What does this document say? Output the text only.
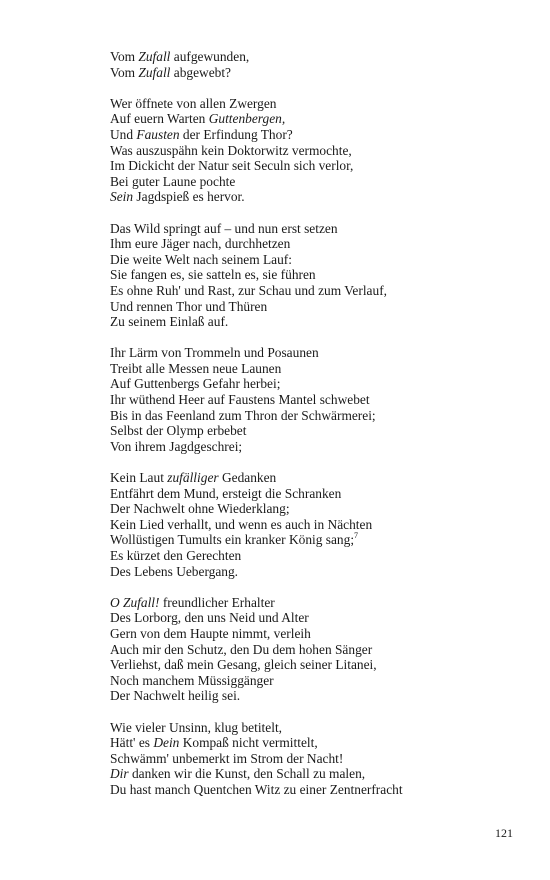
Vom Zufall aufgewunden,
Vom Zufall abgewebt?
Wer öffnete von allen Zwergen
Auf euern Warten Guttenbergen,
Und Fausten der Erfindung Thor?
Was auszuspähn kein Doktorwitz vermochte,
Im Dickicht der Natur seit Seculn sich verlor,
Bei guter Laune pochte
Sein Jagdspieß es hervor.
Das Wild springt auf – und nun erst setzen
Ihm eure Jäger nach, durchhetzen
Die weite Welt nach seinem Lauf:
Sie fangen es, sie satteln es, sie führen
Es ohne Ruh' und Rast, zur Schau und zum Verlauf,
Und rennen Thor und Thüren
Zu seinem Einlaß auf.
Ihr Lärm von Trommeln und Posaunen
Treibt alle Messen neue Launen
Auf Guttenbergs Gefahr herbei;
Ihr wüthend Heer auf Faustens Mantel schwebet
Bis in das Feenland zum Thron der Schwärmerei;
Selbst der Olymp erbebet
Von ihrem Jagdgeschrei;
Kein Laut zufälliger Gedanken
Entfährt dem Mund, ersteigt die Schranken
Der Nachwelt ohne Wiederklang;
Kein Lied verhallt, und wenn es auch in Nächten
Wollüstigen Tumults ein kranker König sang;$^7$
Es kürzet den Gerechten
Des Lebens Uebergang.
O Zufall! freundlicher Erhalter
Des Lorborg, den uns Neid und Alter
Gern von dem Haupte nimmt, verleih
Auch mir den Schutz, den Du dem hohen Sänger
Verliehst, daß mein Gesang, gleich seiner Litanei,
Noch manchem Müssiggänger
Der Nachwelt heilig sei.
Wie vieler Unsinn, klug betitelt,
Hätt' es Dein Kompaß nicht vermittelt,
Schwämm' unbemerkt im Strom der Nacht!
Dir danken wir die Kunst, den Schall zu malen,
Du hast manch Quentchen Witz zu einer Zentnerfracht
121
